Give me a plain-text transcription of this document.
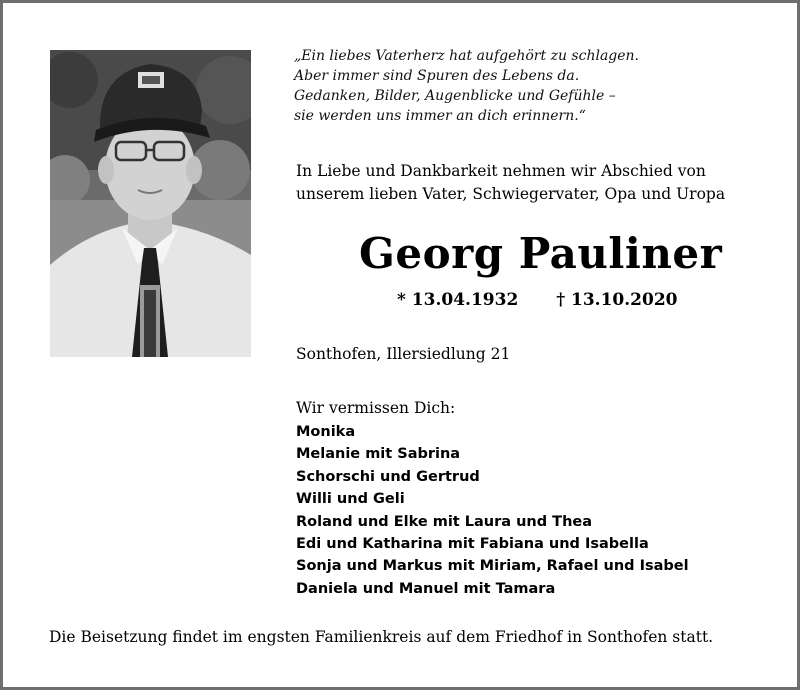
„Ein liebes Vaterherz hat aufgehört zu schlagen.
Aber immer sind Spuren des Lebens da.
Gedanken, Bilder, Augenblicke und Gefühle –
sie werden uns immer an dich erinnern.“
In Liebe und Dankbarkeit nehmen wir Abschied von
unserem lieben Vater, Schwiegervater, Opa und Uropa
Georg Pauliner
* 13.04.1932 † 13.10.2020
Sonthofen, Illersiedlung 21
Wir vermissen Dich:
Monika
Melanie mit Sabrina
Schorschi und Gertrud
Willi und Geli
Roland und Elke mit Laura und Thea
Edi und Katharina mit Fabiana und Isabella
Sonja und Markus mit Miriam, Rafael und Isabel
Daniela und Manuel mit Tamara
Die Beisetzung findet im engsten Familienkreis auf dem Friedhof in Sonthofen statt.
